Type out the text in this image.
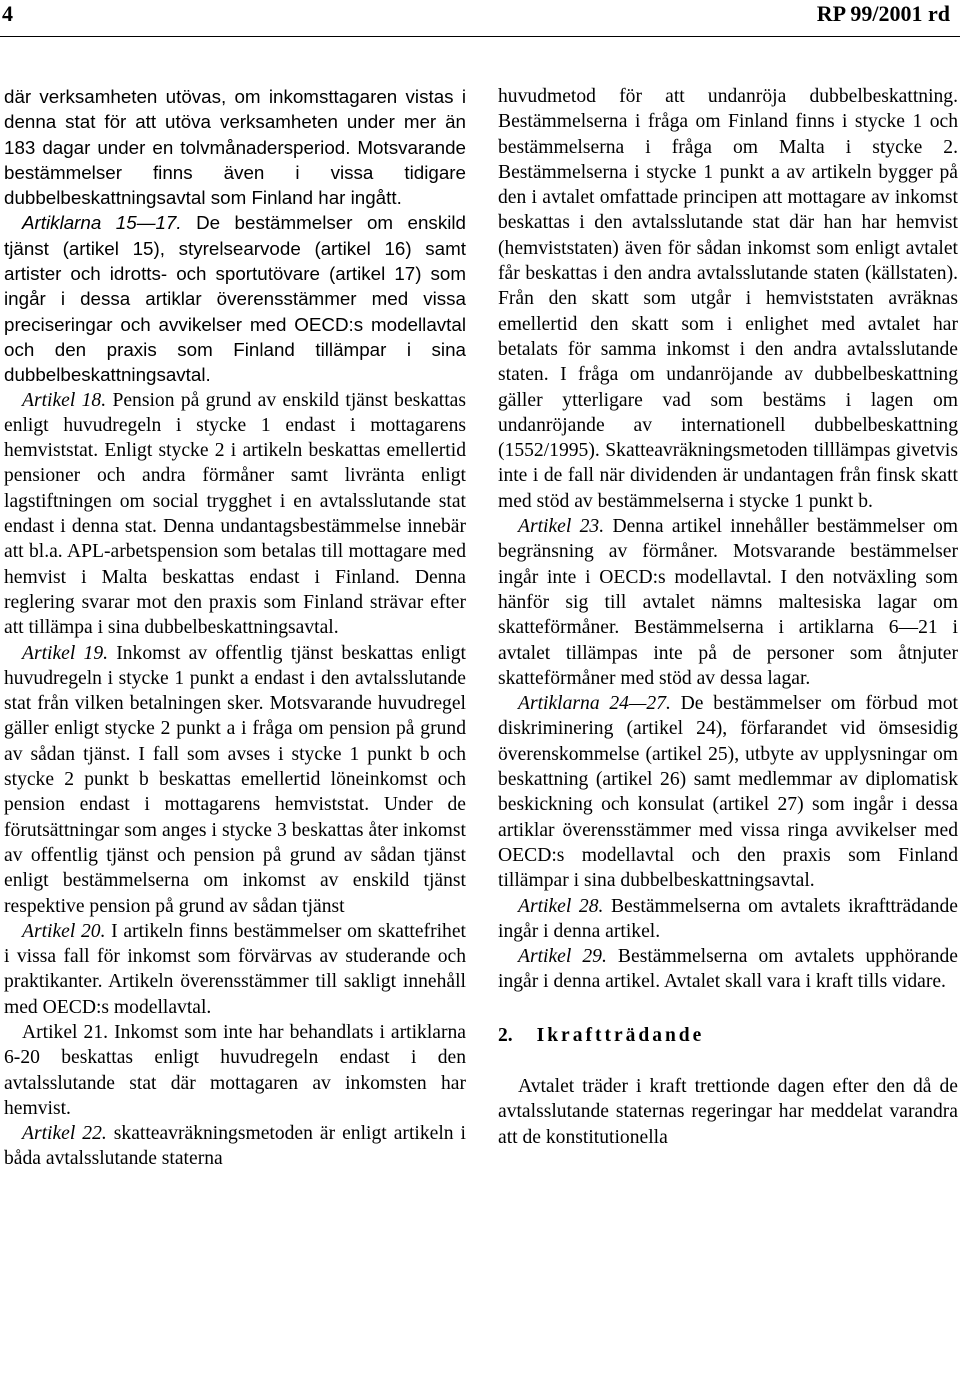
4	RP 99/2001 rd

där verksamheten utövas, om inkomsttagaren vistas i denna stat för att utöva verksamheten under mer än 183 dagar under en tolvmånadersperiod. Motsvarande bestämmelser finns även i vissa tidigare dubbelbeskattningsavtal som Finland har ingått.

Artiklarna 15—17. De bestämmelser om enskild tjänst (artikel 15), styrelsearvode (artikel 16) samt artister och idrotts- och sportutövare (artikel 17) som ingår i dessa artiklar överensstämmer med vissa preciseringar och avvikelser med OECD:s modellavtal och den praxis som Finland tillämpar i sina dubbelbeskattningsavtal.

Artikel 18. Pension på grund av enskild tjänst beskattas enligt huvudregeln i stycke 1 endast i mottagarens hemviststat. Enligt stycke 2 i artikeln beskattas emellertid pensioner och andra förmåner samt livränta enligt lagstiftningen om social trygghet i en avtalsslutande stat endast i denna stat. Denna undantagsbestämmelse innebär att bl.a. APL-arbetspension som betalas till mottagare med hemvist i Malta beskattas endast i Finland. Denna reglering svarar mot den praxis som Finland strävar efter att tillämpa i sina dubbelbeskattningsavtal.

Artikel 19. Inkomst av offentlig tjänst beskattas enligt huvudregeln i stycke 1 punkt a endast i den avtalsslutande stat från vilken betalningen sker. Motsvarande huvudregel gäller enligt stycke 2 punkt a i fråga om pension på grund av sådan tjänst. I fall som avses i stycke 1 punkt b och stycke 2 punkt b beskattas emellertid löneinkomst och pension endast i mottagarens hemviststat. Under de förutsättningar som anges i stycke 3 beskattas åter inkomst av offentlig tjänst och pension på grund av sådan tjänst enligt bestämmelserna om inkomst av enskild tjänst respektive pension på grund av sådan tjänst

Artikel 20. I artikeln finns bestämmelser om skattefrihet i vissa fall för inkomst som förvärvas av studerande och praktikanter. Artikeln överensstämmer till sakligt innehåll med OECD:s modellavtal.

Artikel 21. Inkomst som inte har behandlats i artiklarna 6-20 beskattas enligt huvudregeln endast i den avtalsslutande stat där mottagaren av inkomsten har hemvist.

Artikel 22. skatteavräkningsmetoden är enligt artikeln i båda avtalsslutande staterna

huvudmetod för att undanröja dubbelbeskattning. Bestämmelserna i fråga om Finland finns i stycke 1 och bestämmelserna i fråga om Malta i stycke 2. Bestämmelserna i stycke 1 punkt a av artikeln bygger på den i avtalet omfattade principen att mottagare av inkomst beskattas i den avtalsslutande stat där han har hemvist (hemviststaten) även för sådan inkomst som enligt avtalet får beskattas i den andra avtalsslutande staten (källstaten). Från den skatt som utgår i hemviststaten avräknas emellertid den skatt som i enlighet med avtalet har betalats för samma inkomst i den andra avtalsslutande staten. I fråga om undanröjande av dubbelbeskattning gäller ytterligare vad som bestäms i lagen om undanröjande av internationell dubbelbeskattning (1552/1995). Skatteavräkningsmetoden tilllämpas givetvis inte i de fall när dividenden är undantagen från finsk skatt med stöd av bestämmelserna i stycke 1 punkt b.

Artikel 23. Denna artikel innehåller bestämmelser om begränsning av förmåner. Motsvarande bestämmelser ingår inte i OECD:s modellavtal. I den notväxling som hänför sig till avtalet nämns maltesiska lagar om skatteförmåner. Bestämmelserna i artiklarna 6—21 i avtalet tillämpas inte på de personer som åtnjuter skatteförmåner med stöd av dessa lagar.

Artiklarna 24—27. De bestämmelser om förbud mot diskriminering (artikel 24), förfarandet vid ömsesidig överenskommelse (artikel 25), utbyte av upplysningar om beskattning (artikel 26) samt medlemmar av diplomatisk beskickning och konsulat (artikel 27) som ingår i dessa artiklar överensstämmer med vissa ringa avvikelser med OECD:s modellavtal och den praxis som Finland tillämpar i sina dubbelbeskattningsavtal.

Artikel 28. Bestämmelserna om avtalets ikraftträdande ingår i denna artikel.

Artikel 29. Bestämmelserna om avtalets upphörande ingår i denna artikel. Avtalet skall vara i kraft tills vidare.

2. Ikraftträdande

Avtalet träder i kraft trettionde dagen efter den då de avtalsslutande staternas regeringar har meddelat varandra att de konstitutionella
